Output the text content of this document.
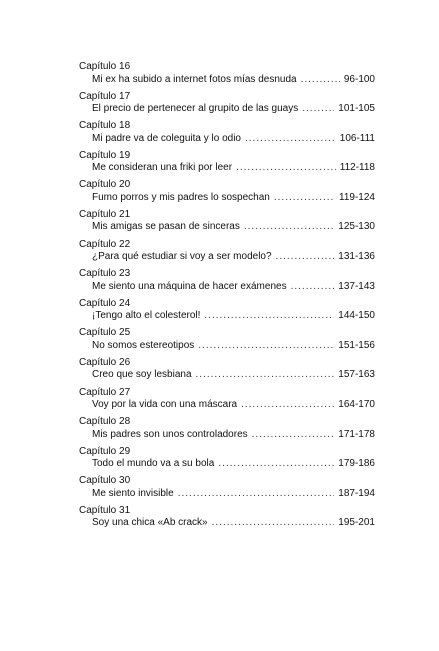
Capítulo 16
Mi ex ha subido a internet fotos mías desnuda .....	96-100
Capítulo 17
El precio de pertenecer al grupito de las guays .....	101-105
Capítulo 18
Mi padre va de coleguita y lo odio .....	106-111
Capítulo 19
Me consideran una friki por leer .....	112-118
Capítulo 20
Fumo porros y mis padres lo sospechan .....	119-124
Capítulo 21
Mis amigas se pasan de sinceras .....	125-130
Capítulo 22
¿Para qué estudiar si voy a ser modelo? .....	131-136
Capítulo 23
Me siento una máquina de hacer exámenes .....	137-143
Capítulo 24
¡Tengo alto el colesterol! .....	144-150
Capítulo 25
No somos estereotipos .....	151-156
Capítulo 26
Creo que soy lesbiana .....	157-163
Capítulo 27
Voy por la vida con una máscara .....	164-170
Capítulo 28
Mis padres son unos controladores .....	171-178
Capítulo 29
Todo el mundo va a su bola .....	179-186
Capítulo 30
Me siento invisible .....	187-194
Capítulo 31
Soy una chica «Ab crack» .....	195-201
